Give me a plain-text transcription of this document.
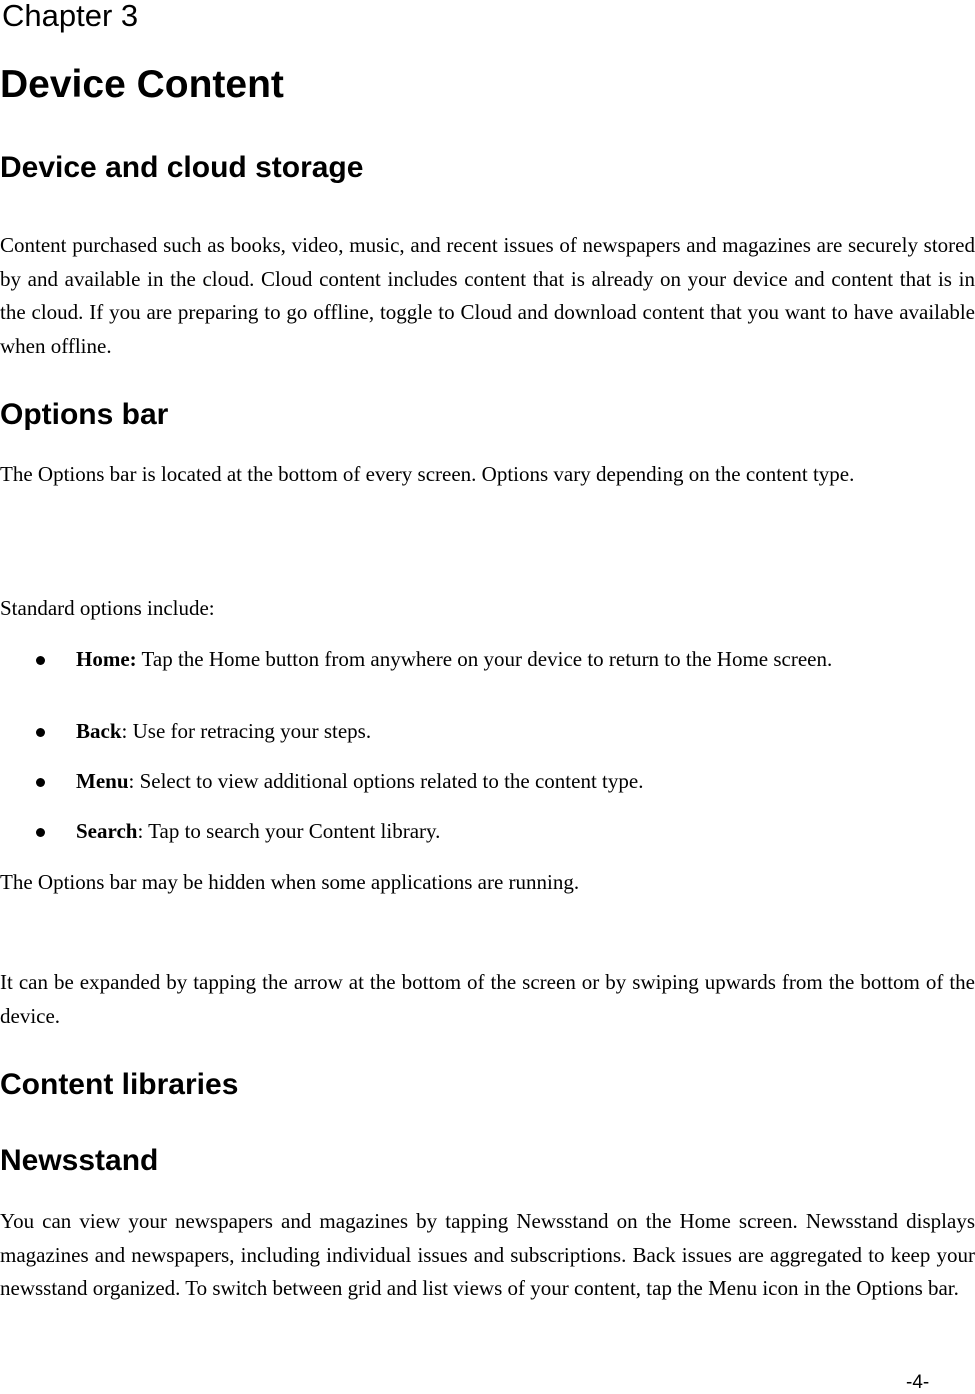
Chapter 3
Device Content
Device and cloud storage

Content purchased such as books, video, music, and recent issues of newspapers and magazines are securely stored by and available in the cloud. Cloud content includes content that is already on your device and content that is in the cloud. If you are preparing to go offline, toggle to Cloud and download content that you want to have available when offline.

Options bar

The Options bar is located at the bottom of every screen. Options vary depending on the content type.

Standard options include:

Home: Tap the Home button from anywhere on your device to return to the Home screen.

Back: Use for retracing your steps.

Menu: Select to view additional options related to the content type.

Search: Tap to search your Content library.

The Options bar may be hidden when some applications are running.

It can be expanded by tapping the arrow at the bottom of the screen or by swiping upwards from the bottom of the device.

Content libraries
Newsstand

You can view your newspapers and magazines by tapping Newsstand on the Home screen. Newsstand displays magazines and newspapers, including individual issues and subscriptions. Back issues are aggregated to keep your newsstand organized. To switch between grid and list views of your content, tap the Menu icon in the Options bar.

-4-
